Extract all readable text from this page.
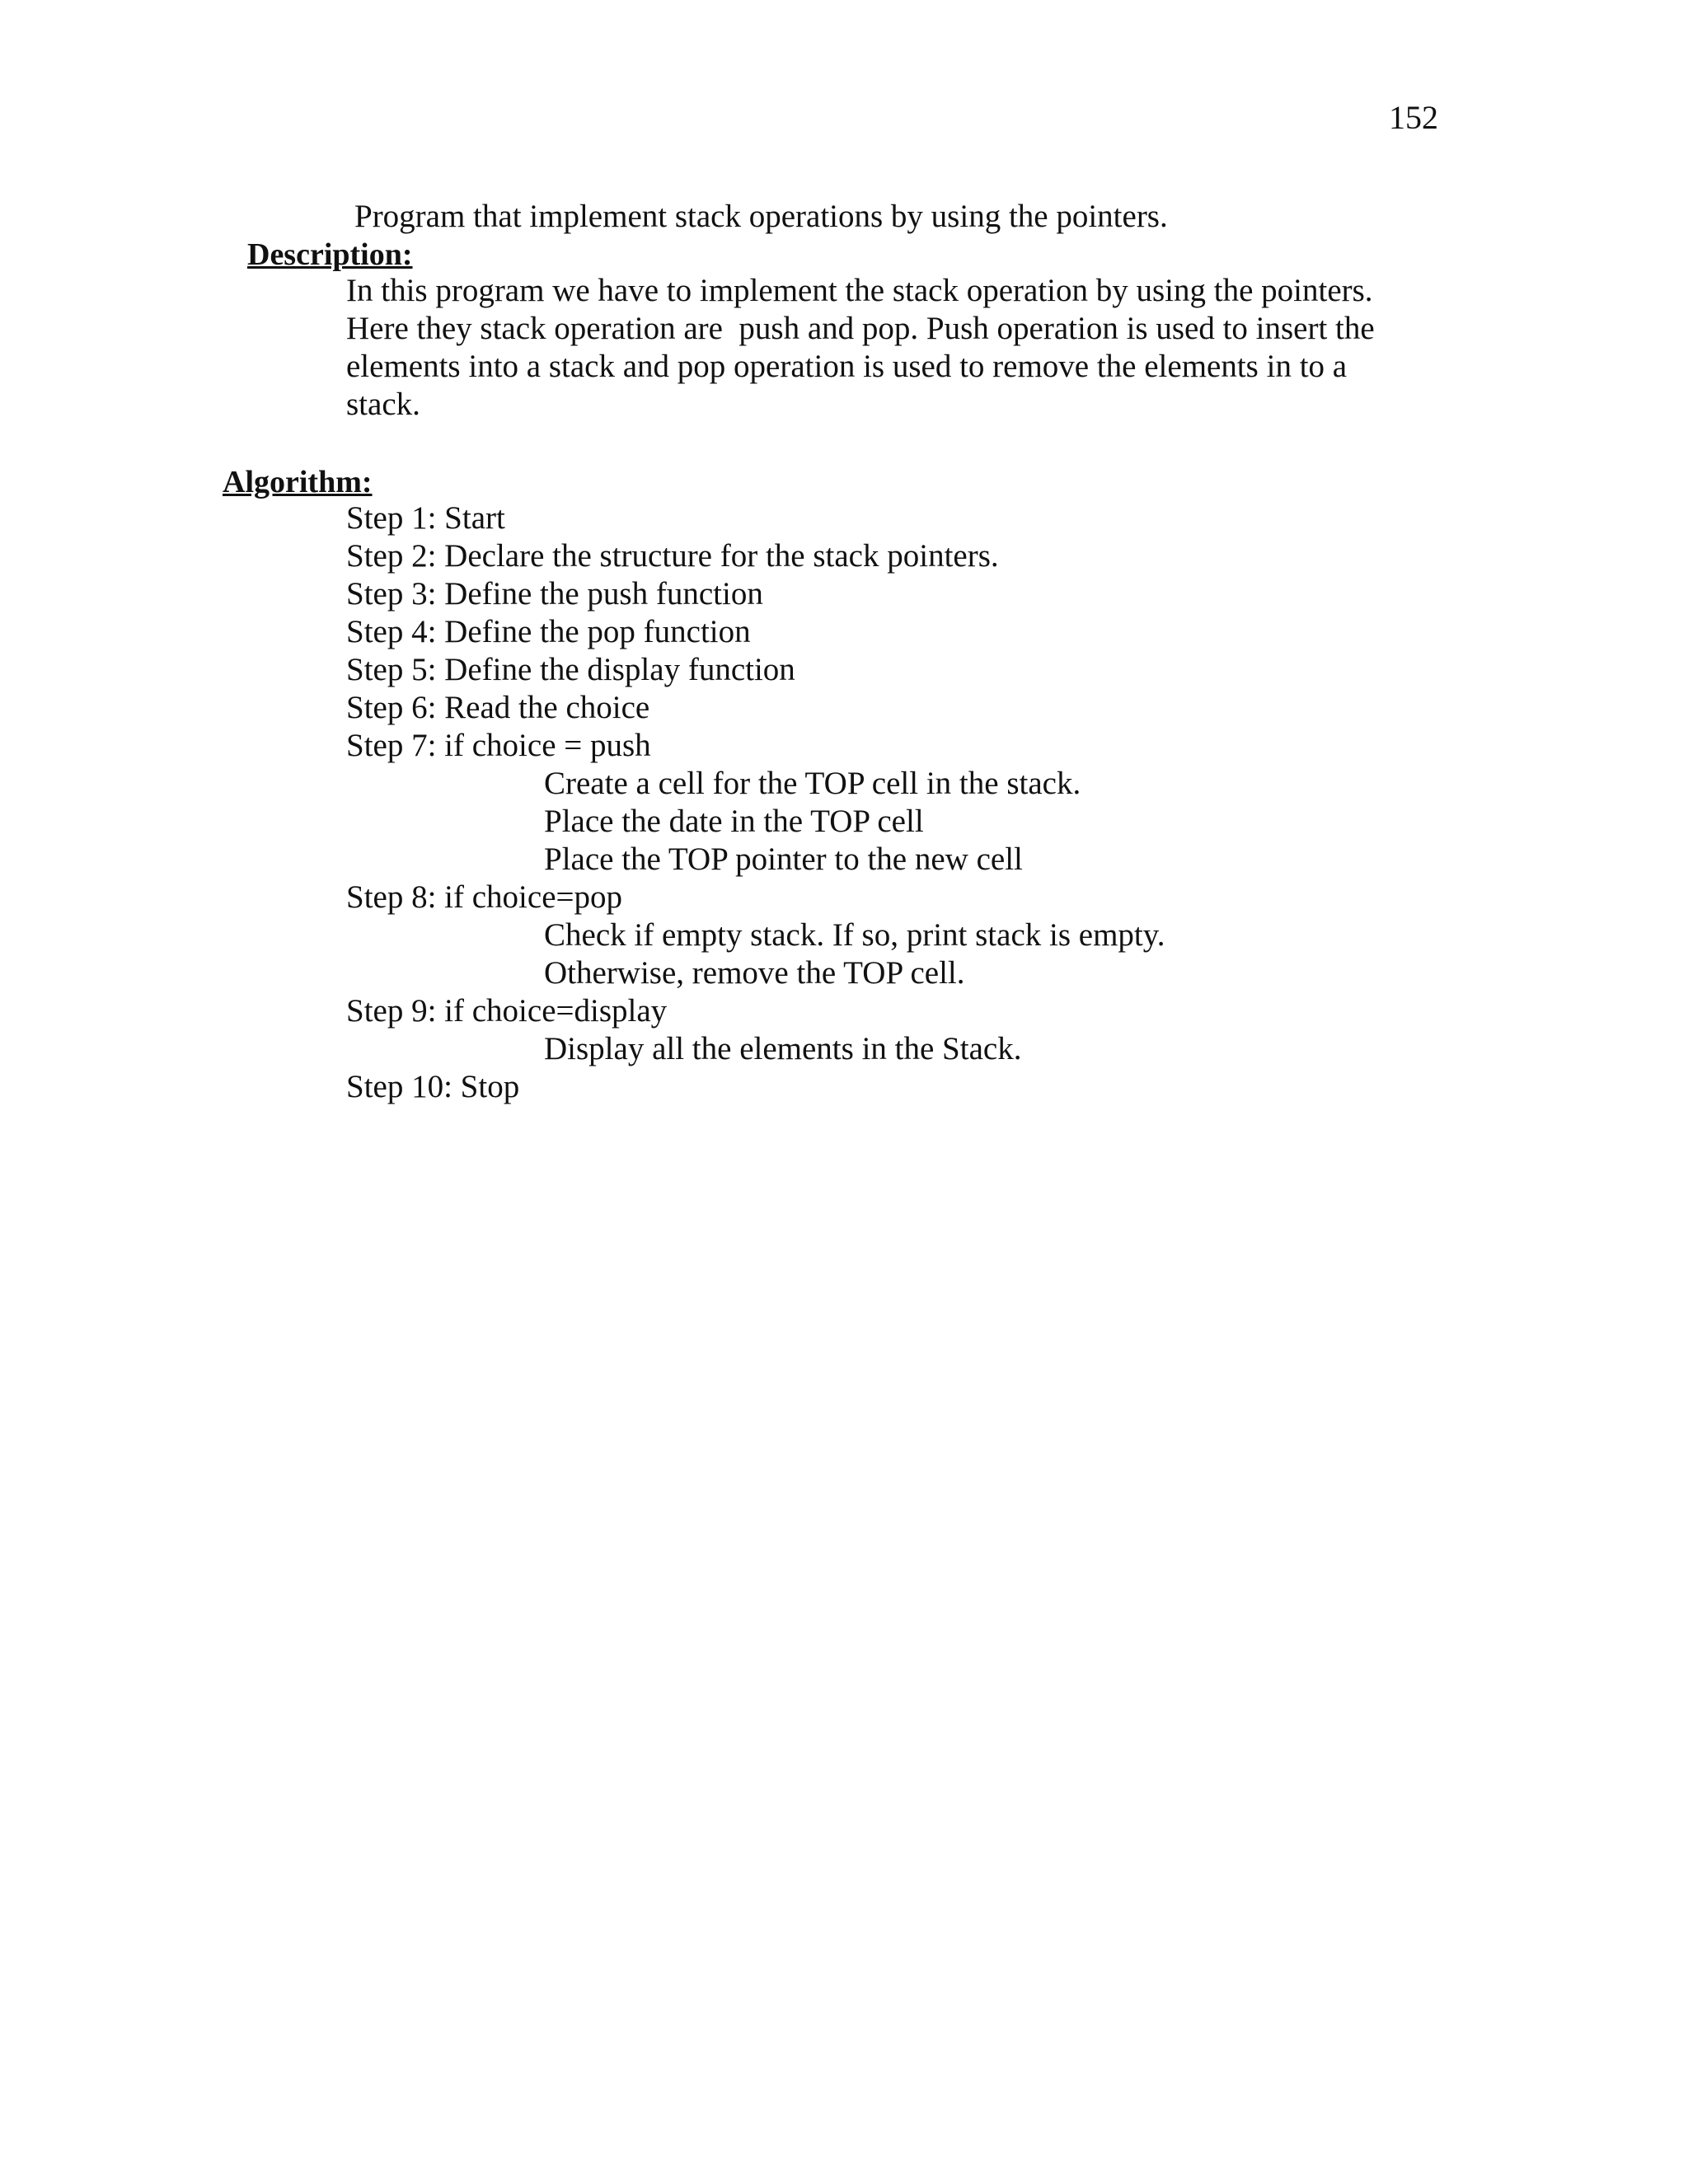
152
Program that implement stack operations by using the pointers.
Description:
In this program we have to implement the stack operation by using the pointers.
Here they stack operation are  push and pop. Push operation is used to insert the
elements into a stack and pop operation is used to remove the elements in to a
stack.
Algorithm:
Step 1: Start
Step 2: Declare the structure for the stack pointers.
Step 3: Define the push function
Step 4: Define the pop function
Step 5: Define the display function
Step 6: Read the choice
Step 7: if choice = push
Create a cell for the TOP cell in the stack.
Place the date in the TOP cell
Place the TOP pointer to the new cell
Step 8: if choice=pop
Check if empty stack. If so, print stack is empty.
Otherwise, remove the TOP cell.
Step 9: if choice=display
Display all the elements in the Stack.
Step 10: Stop
